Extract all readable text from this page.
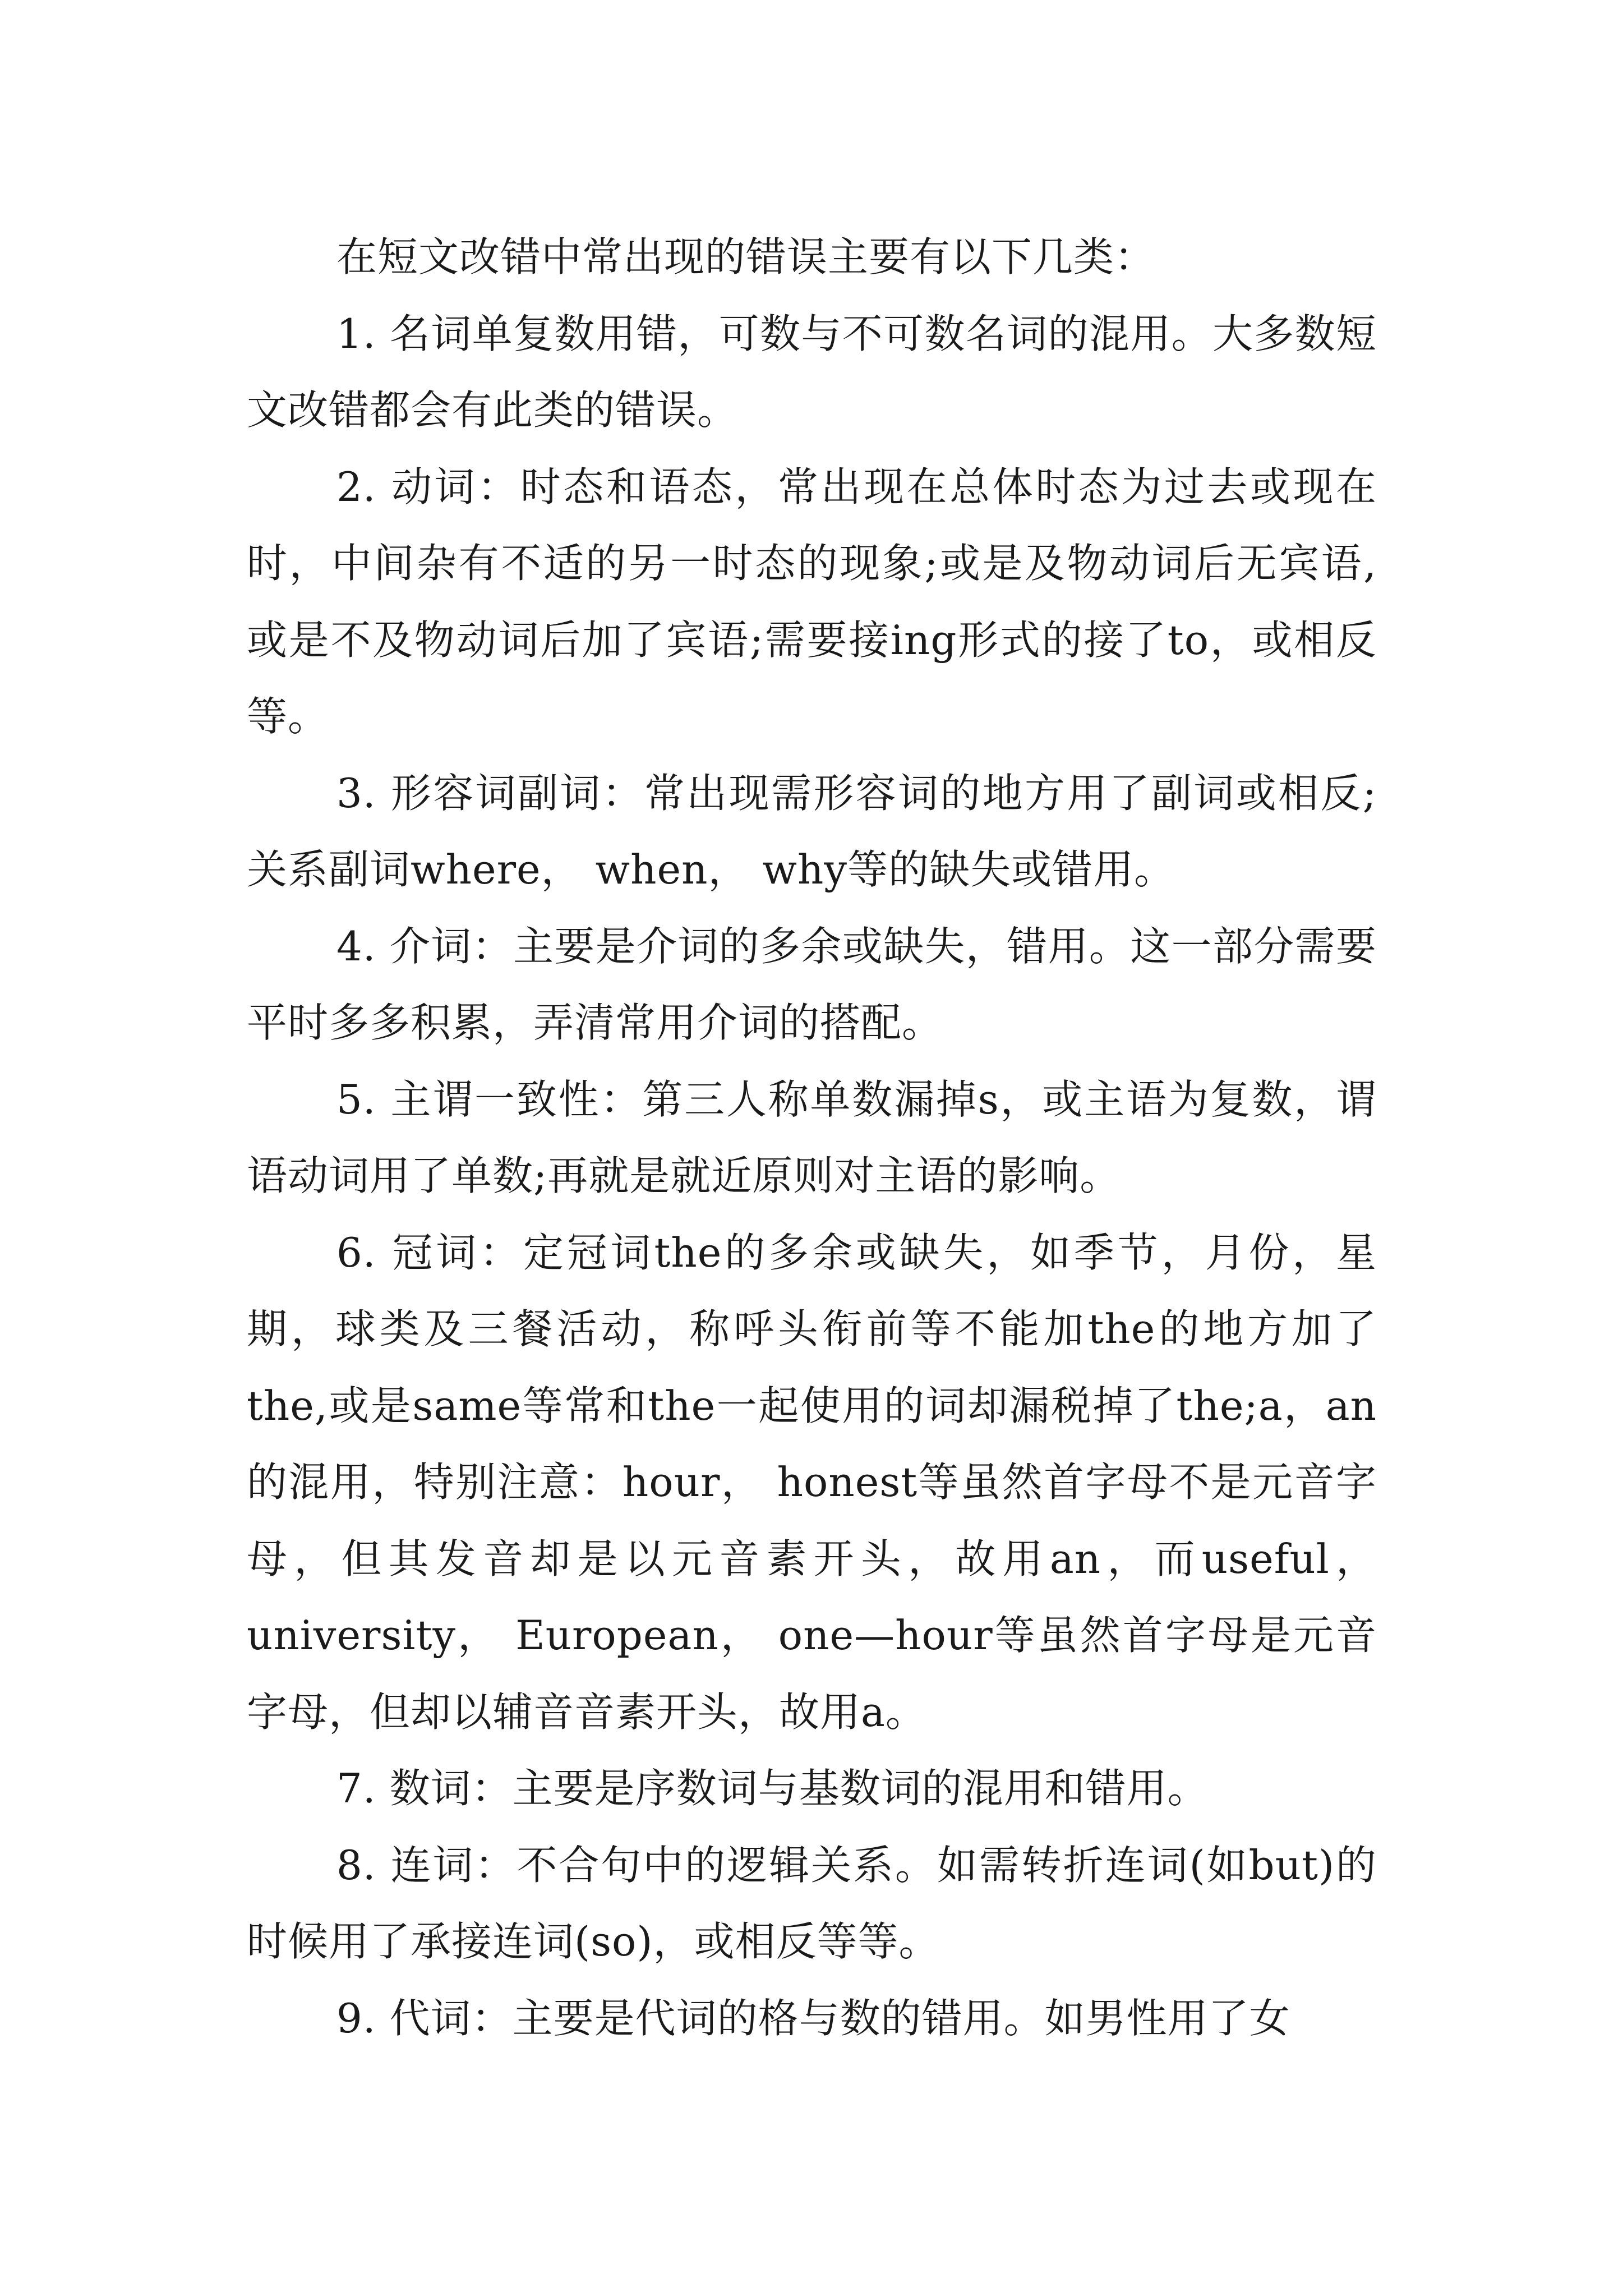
在短文改错中常出现的错误主要有以下几类：

1. 名词单复数用错，可数与不可数名词的混用。大多数短文改错都会有此类的错误。

2. 动词：时态和语态，常出现在总体时态为过去或现在时，中间杂有不适的另一时态的现象;或是及物动词后无宾语,或是不及物动词后加了宾语;需要接ing形式的接了to，或相反等。

3. 形容词副词：常出现需形容词的地方用了副词或相反;关系副词where， when， why等的缺失或错用。

4. 介词：主要是介词的多余或缺失，错用。这一部分需要平时多多积累，弄清常用介词的搭配。

5. 主谓一致性：第三人称单数漏掉s，或主语为复数，谓语动词用了单数;再就是就近原则对主语的影响。

6. 冠词：定冠词the的多余或缺失，如季节，月份，星期，球类及三餐活动，称呼头衔前等不能加the的地方加了the,或是same等常和the一起使用的词却漏税掉了the;a，an的混用，特别注意：hour， honest等虽然首字母不是元音字母，但其发音却是以元音素开头，故用an，而useful，university， European， one—hour等虽然首字母是元音字母，但却以辅音音素开头，故用a。

7. 数词：主要是序数词与基数词的混用和错用。

8. 连词：不合句中的逻辑关系。如需转折连词(如but)的时候用了承接连词(so)，或相反等等。

9. 代词：主要是代词的格与数的错用。如男性用了女
